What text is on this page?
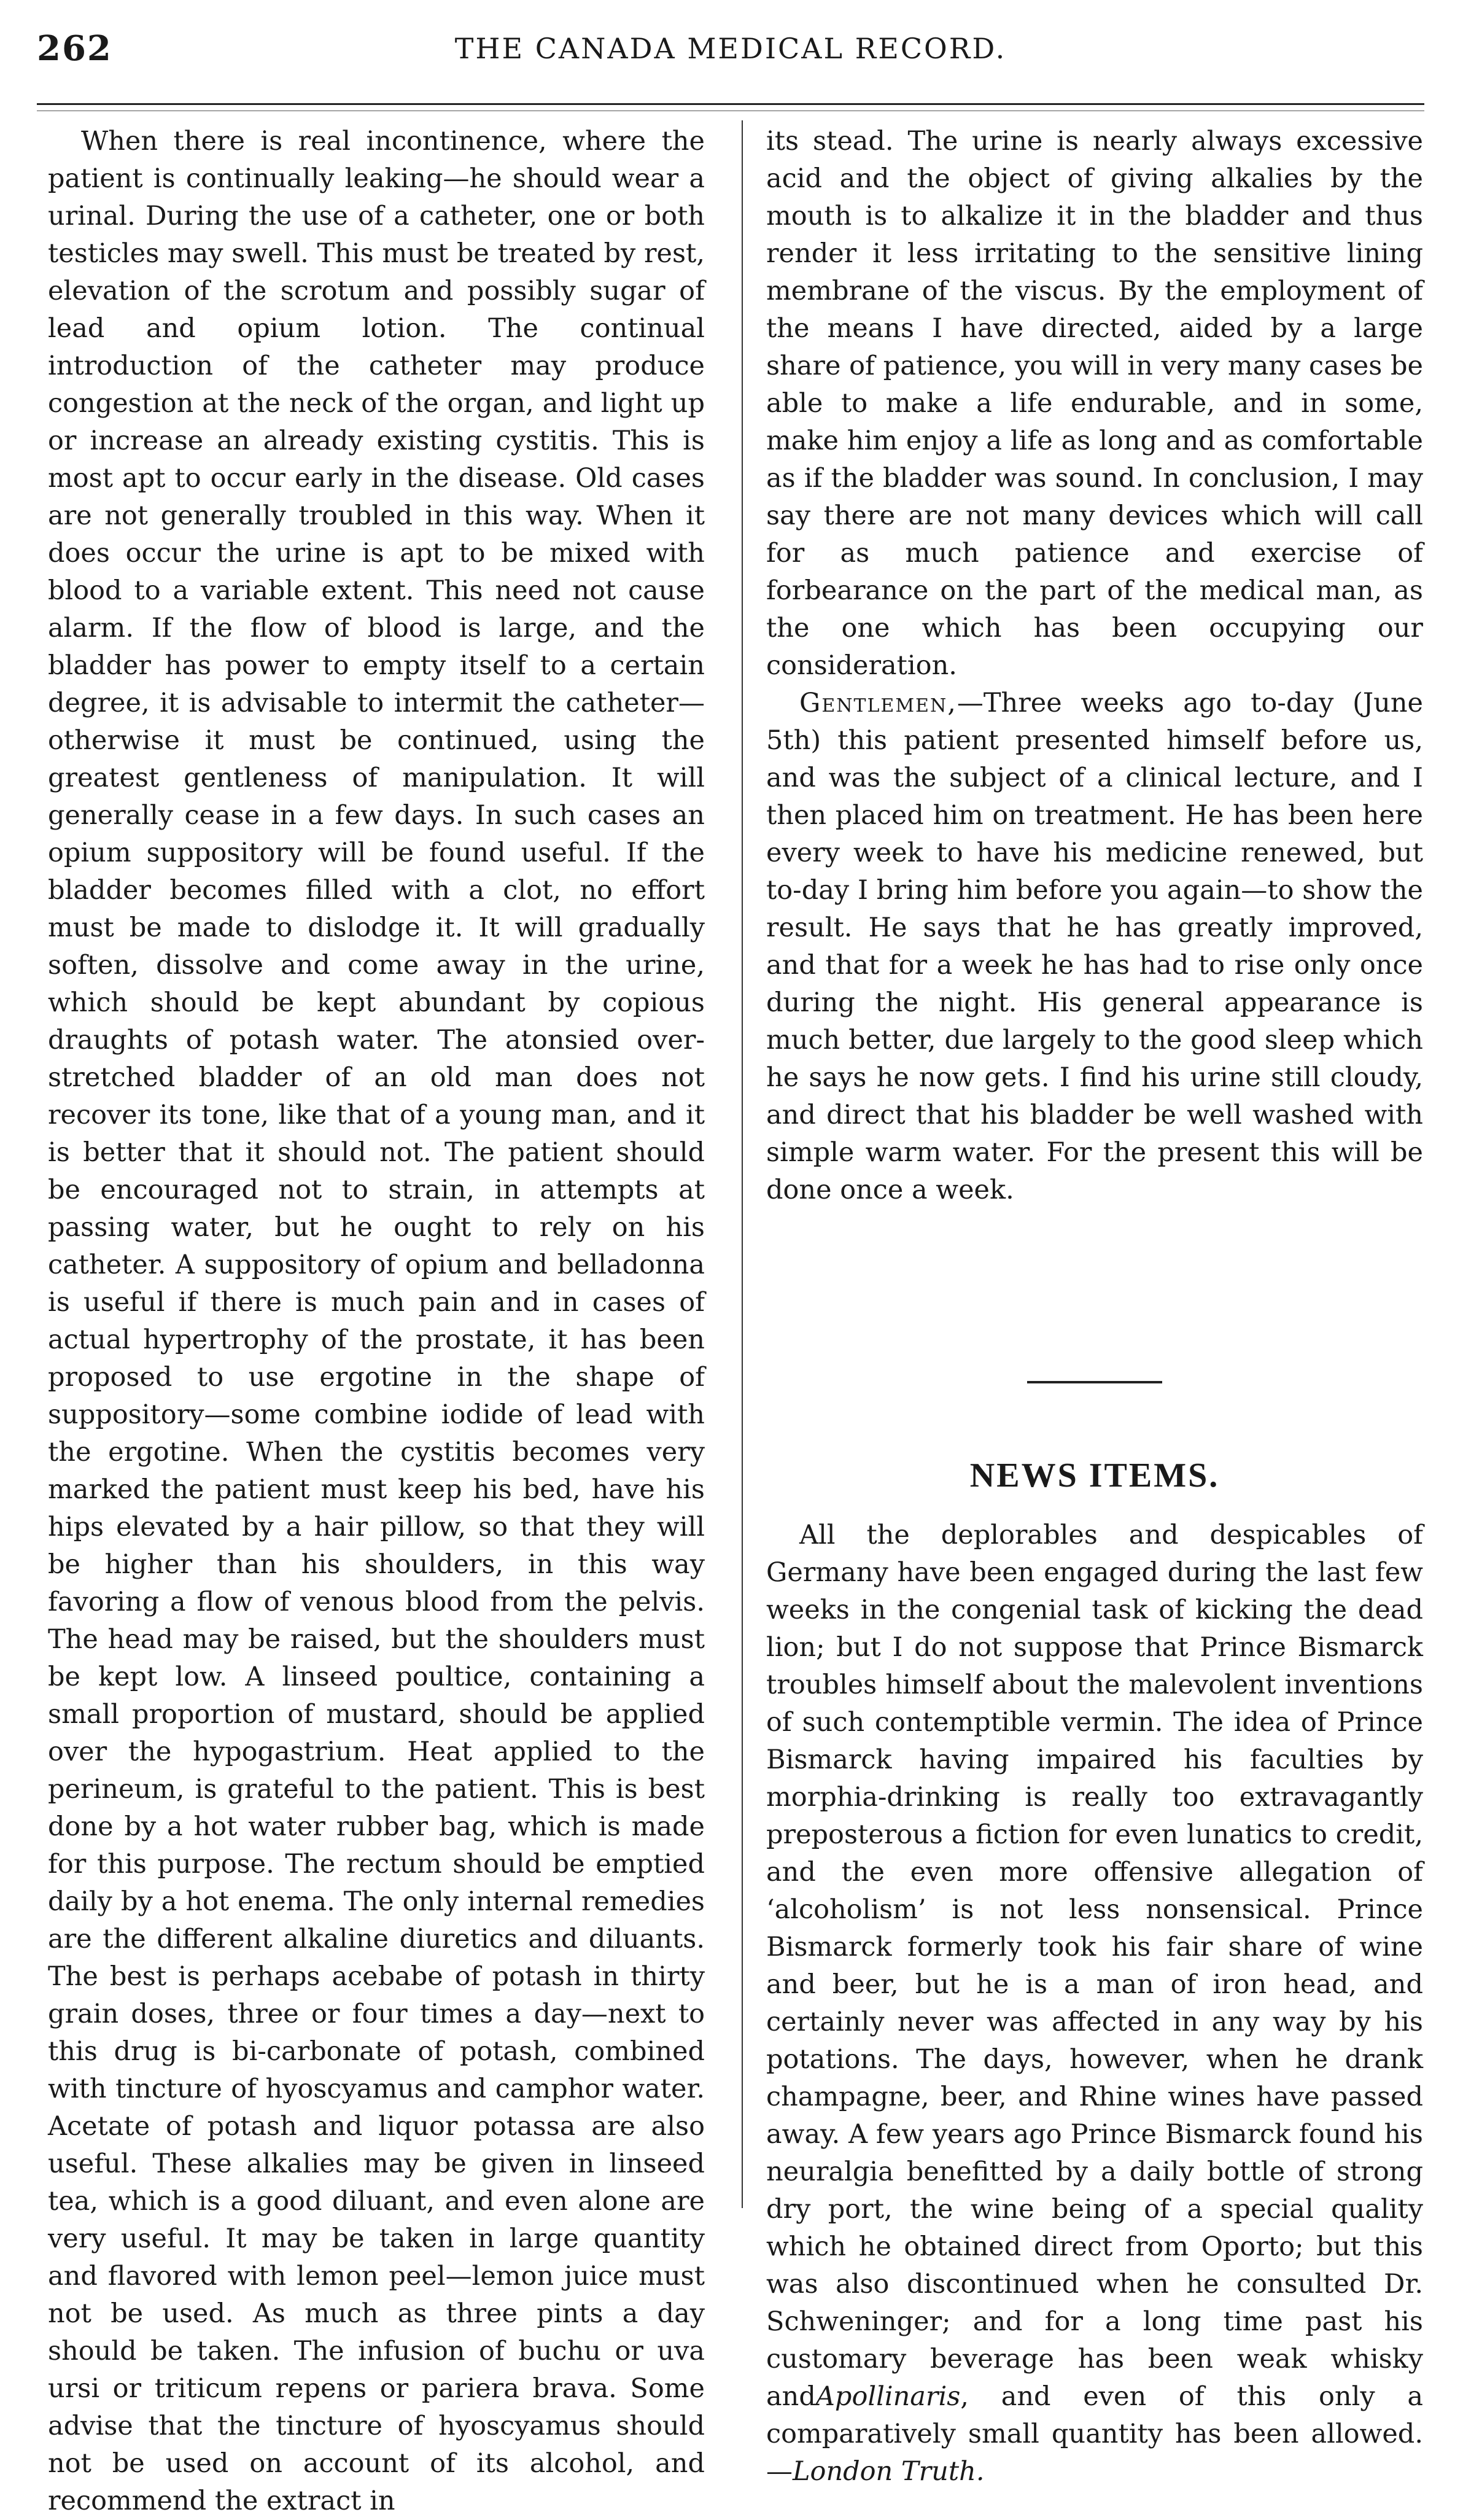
262	THE CANADA MEDICAL RECORD.

When there is real incontinence, where the patient is continually leaking—he should wear a urinal. During the use of a catheter, one or both testicles may swell. This must be treated by rest, elevation of the scrotum and possibly sugar of lead and opium lotion. The continual introduction of the catheter may produce congestion at the neck of the organ, and light up or increase an already existing cystitis. This is most apt to occur early in the disease. Old cases are not generally troubled in this way. When it does occur the urine is apt to be mixed with blood to a variable extent. This need not cause alarm. If the flow of blood is large, and the bladder has power to empty itself to a certain degree, it is advisable to intermit the catheter—otherwise it must be continued, using the greatest gentleness of manipulation. It will generally cease in a few days. In such cases an opium suppository will be found useful. If the bladder becomes filled with a clot, no effort must be made to dislodge it. It will gradually soften, dissolve and come away in the urine, which should be kept abundant by copious draughts of potash water. The atonsied over-stretched bladder of an old man does not recover its tone, like that of a young man, and it is better that it should not. The patient should be encouraged not to strain, in attempts at passing water, but he ought to rely on his catheter. A suppository of opium and belladonna is useful if there is much pain and in cases of actual hypertrophy of the prostate, it has been proposed to use ergotine in the shape of suppository—some combine iodide of lead with the ergotine. When the cystitis becomes very marked the patient must keep his bed, have his hips elevated by a hair pillow, so that they will be higher than his shoulders, in this way favoring a flow of venous blood from the pelvis. The head may be raised, but the shoulders must be kept low. A linseed poultice, containing a small proportion of mustard, should be applied over the hypogastrium. Heat applied to the perineum, is grateful to the patient. This is best done by a hot water rubber bag, which is made for this purpose. The rectum should be emptied daily by a hot enema. The only internal remedies are the different alkaline diuretics and diluants. The best is perhaps acebabe of potash in thirty grain doses, three or four times a day—next to this drug is bi-carbonate of potash, combined with tincture of hyoscyamus and camphor water. Acetate of potash and liquor potassa are also useful. These alkalies may be given in linseed tea, which is a good diluant, and even alone are very useful. It may be taken in large quantity and flavored with lemon peel—lemon juice must not be used. As much as three pints a day should be taken. The infusion of buchu or uva ursi or triticum repens or pariera brava. Some advise that the tincture of hyoscyamus should not be used on account of its alcohol, and recommend the extract in

its stead. The urine is nearly always excessive acid and the object of giving alkalies by the mouth is to alkalize it in the bladder and thus render it less irritating to the sensitive lining membrane of the viscus. By the employment of the means I have directed, aided by a large share of patience, you will in very many cases be able to make a life endurable, and in some, make him enjoy a life as long and as comfortable as if the bladder was sound. In conclusion, I may say there are not many devices which will call for as much patience and exercise of forbearance on the part of the medical man, as the one which has been occupying our consideration.

Gentlemen,—Three weeks ago to-day (June 5th) this patient presented himself before us, and was the subject of a clinical lecture, and I then placed him on treatment. He has been here every week to have his medicine renewed, but to-day I bring him before you again—to show the result. He says that he has greatly improved, and that for a week he has had to rise only once during the night. His general appearance is much better, due largely to the good sleep which he says he now gets. I find his urine still cloudy, and direct that his bladder be well washed with simple warm water. For the present this will be done once a week.

NEWS ITEMS.

All the deplorables and despicables of Germany have been engaged during the last few weeks in the congenial task of kicking the dead lion; but I do not suppose that Prince Bismarck troubles himself about the malevolent inventions of such contemptible vermin. The idea of Prince Bismarck having impaired his faculties by morphia-drinking is really too extravagantly preposterous a fiction for even lunatics to credit, and the even more offensive allegation of ‘alcoholism’ is not less nonsensical. Prince Bismarck formerly took his fair share of wine and beer, but he is a man of iron head, and certainly never was affected in any way by his potations. The days, however, when he drank champagne, beer, and Rhine wines have passed away. A few years ago Prince Bismarck found his neuralgia benefitted by a daily bottle of strong dry port, the wine being of a special quality which he obtained direct from Oporto; but this was also discontinued when he consulted Dr. Schweninger; and for a long time past his customary beverage has been weak whisky andApollinaris, and even of this only a comparatively small quantity has been allowed.—London Truth.
